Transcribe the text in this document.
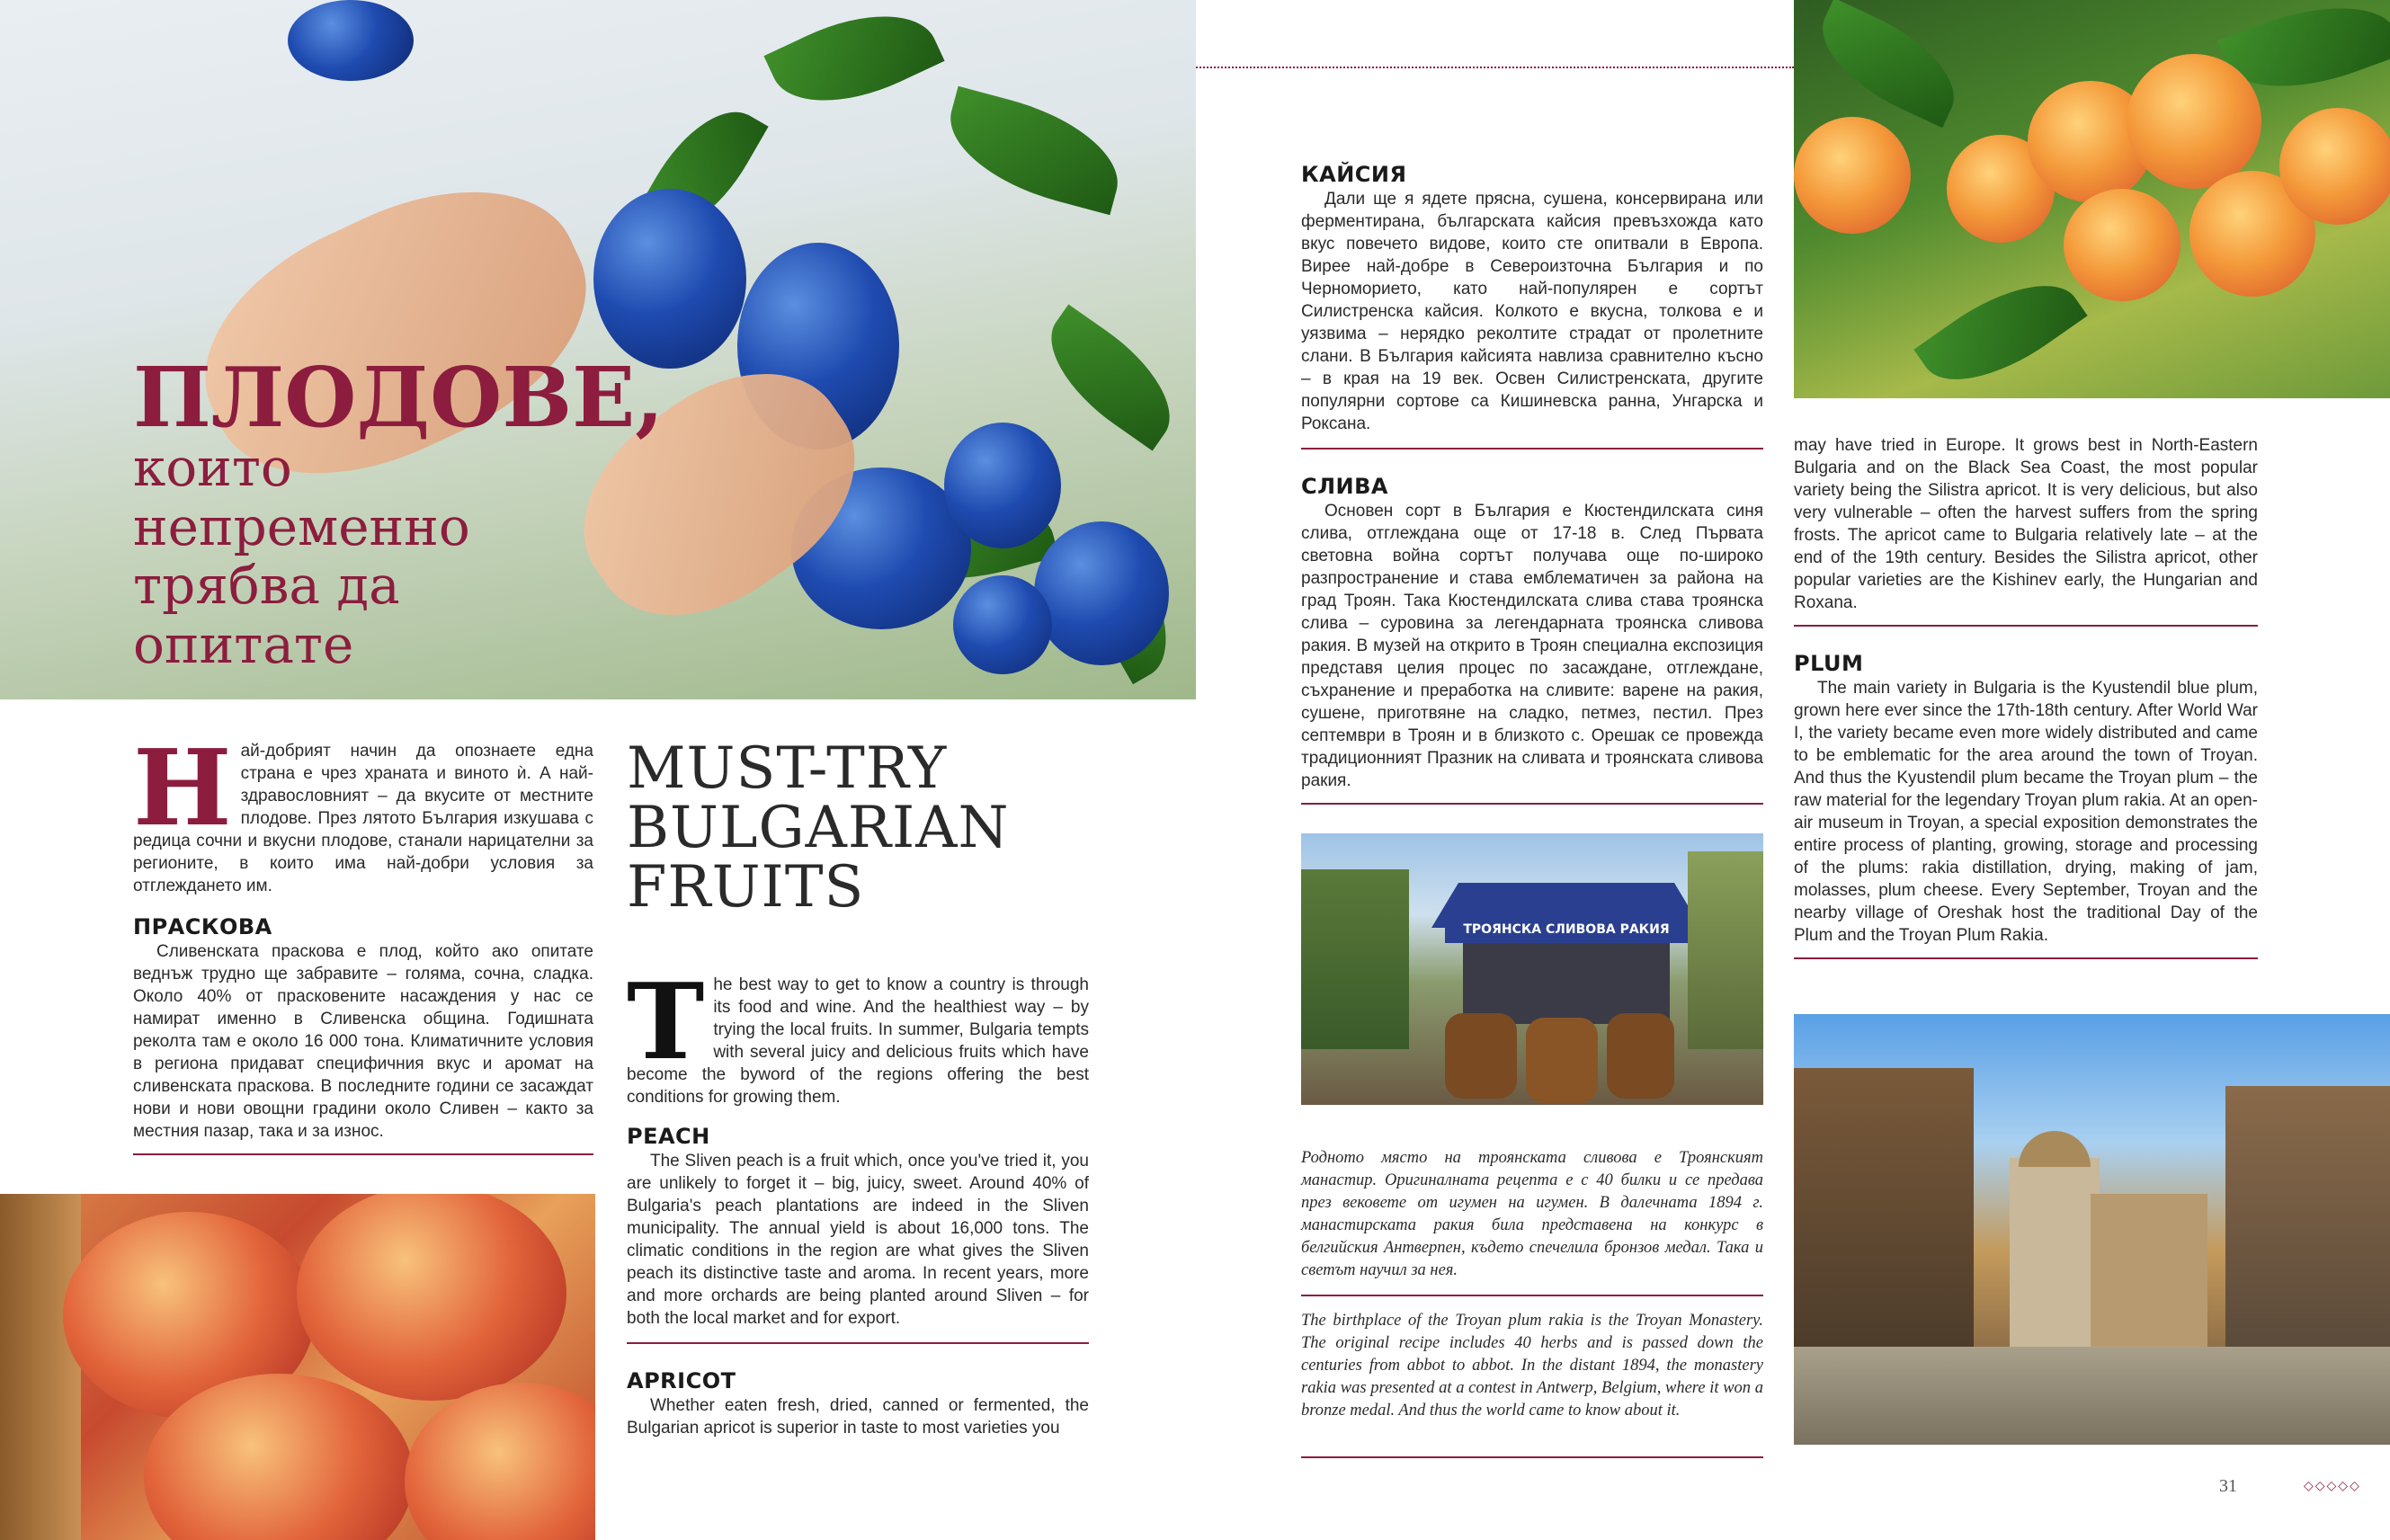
ПЛОДОВЕ,
които непременно трябва да опитате

Най-добрият начин да опознаете една страна е чрез храната и виното ѝ. А най-здравословният – да вкусите от местните плодове. През лятото България изкушава с редица сочни и вкусни плодове, станали нарицателни за регионите, в които има най-добри условия за отглеждането им.

ПРАСКОВА

Сливенската праскова е плод, който ако опитате веднъж трудно ще забравите – голяма, сочна, сладка. Около 40% от прасковените насаждения у нас се намират именно в Сливенска община. Годишната реколта там е около 16 000 тона. Климатичните условия в региона придават специфичния вкус и аромат на сливенската праскова. В последните години се засаждат нови и нови овощни градини около Сливен – както за местния пазар, така и за износ.

MUST-TRY BULGARIAN FRUITS

The best way to get to know a country is through its food and wine. And the healthiest way – by trying the local fruits. In summer, Bulgaria tempts with several juicy and delicious fruits which have become the byword of the regions offering the best conditions for growing them.

PEACH

The Sliven peach is a fruit which, once you've tried it, you are unlikely to forget it – big, juicy, sweet. Around 40% of Bulgaria's peach plantations are indeed in the Sliven municipality. The annual yield is about 16,000 tons. The climatic conditions in the region are what gives the Sliven peach its distinctive taste and aroma. In recent years, more and more orchards are being planted around Sliven – for both the local market and for export.

APRICOT

Whether eaten fresh, dried, canned or fermented, the Bulgarian apricot is superior in taste to most varieties you

КАЙСИЯ

Дали ще я ядете прясна, сушена, консервирана или ферментирана, българската кайсия превъзхожда като вкус повечето видове, които сте опитвали в Европа. Вирее най-добре в Североизточна България и по Черноморието, като най-популярен е сортът Силистренска кайсия. Колкото е вкусна, толкова е и уязвима – нерядко реколтите страдат от пролетните слани. В България кайсията навлиза сравнително късно – в края на 19 век. Освен Силистренската, другите популярни сортове са Кишиневска ранна, Унгарска и Роксана.

СЛИВА

Основен сорт в България е Кюстендилската синя слива, отглеждана още от 17-18 в. След Първата световна война сортът получава още по-широко разпространение и става емблематичен за района на град Троян. Така Кюстендилската слива става троянска слива – суровина за легендарната троянска сливова ракия. В музей на открито в Троян специална експозиция представя целия процес по засаждане, отглеждане, съхранение и преработка на сливите: варене на ракия, сушене, приготвяне на сладко, петмез, пестил. През септември в Троян и в близкото с. Орешак се провежда традиционният Празник на сливата и троянската сливова ракия.

ТРОЯНСКА СЛИВОВА РАКИЯ
Родното място на троянската сливова е Троянският манастир. Оригиналната рецепта е с 40 билки и се предава през вековете от игумен на игумен. В далечната 1894 г. манастирската ракия била представена на конкурс в белгийския Антверпен, където спечелила бронзов медал. Така и светът научил за нея.
The birthplace of the Troyan plum rakia is the Troyan Monastery. The original recipe includes 40 herbs and is passed down the centuries from abbot to abbot. In the distant 1894, the monastery rakia was presented at a contest in Antwerp, Belgium, where it won a bronze medal. And thus the world came to know about it.

may have tried in Europe. It grows best in North-Eastern Bulgaria and on the Black Sea Coast, the most popular variety being the Silistra apricot. It is very delicious, but also very vulnerable – often the harvest suffers from the spring frosts. The apricot came to Bulgaria relatively late – at the end of the 19th century. Besides the Silistra apricot, other popular varieties are the Kishinev early, the Hungarian and Roxana.

PLUM

The main variety in Bulgaria is the Kyustendil blue plum, grown here ever since the 17th-18th century. After World War I, the variety became even more widely distributed and came to be emblematic for the area around the town of Troyan. And thus the Kyustendil plum became the Troyan plum – the raw material for the legendary Troyan plum rakia. At an open-air museum in Troyan, a special exposition demonstrates the entire process of planting, growing, storage and processing of the plums: rakia distillation, drying, making of jam, molasses, plum cheese. Every September, Troyan and the nearby village of Oreshak host the traditional Day of the Plum and the Troyan Plum Rakia.

31	◇◇◇◇◇
